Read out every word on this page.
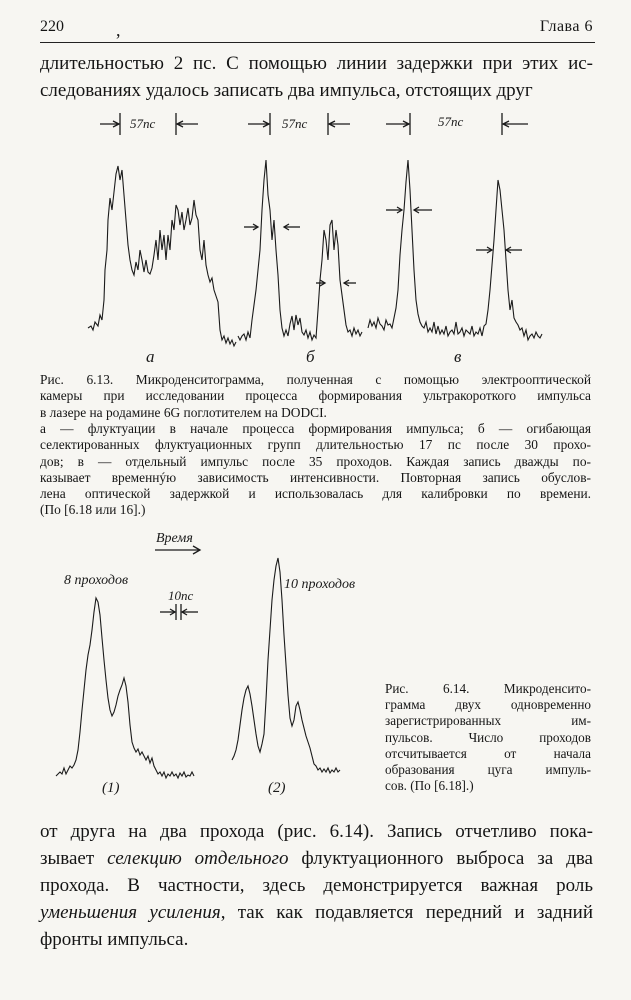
220	,	Глава 6
длительностью 2 пс. С помощью линии задержки при этих ис-
следованиях удалось записать два импульса, отстоящих друг
57пс	57пс	57пс
а	б	в
Рис. 6.13. Микроденситограмма, полученная с помощью электрооптической
камеры при исследовании процесса формирования ультракороткого импульса
в лазере на родамине 6G поглотителем на DODCI.
а — флуктуации в начале процесса формирования импульса; б — огибающая
селектированных флуктуационных групп длительностью 17 пс после 30 прохо-
дов; в — отдельный импульс после 35 проходов. Каждая запись дважды по-
казывает временнýю зависимость интенсивности. Повторная запись обуслов-
лена оптической задержкой и использовалась для калибровки по времени.
(По [6.18 или 16].)
Время
10пс
8 проходов	10 проходов
(1)	(2)
Рис. 6.14. Микроденсито-
грамма двух одновременно
зарегистрированных им-
пульсов. Число проходов
отсчитывается от начала
образования цуга импуль-
сов. (По [6.18].)
от друга на два прохода (рис. 6.14). Запись отчетливо пока-
зывает селекцию отдельного флуктуационного выброса за два
прохода. В частности, здесь демонстрируется важная роль
уменьшения усиления, так как подавляется передний и задний
фронты импульса.
